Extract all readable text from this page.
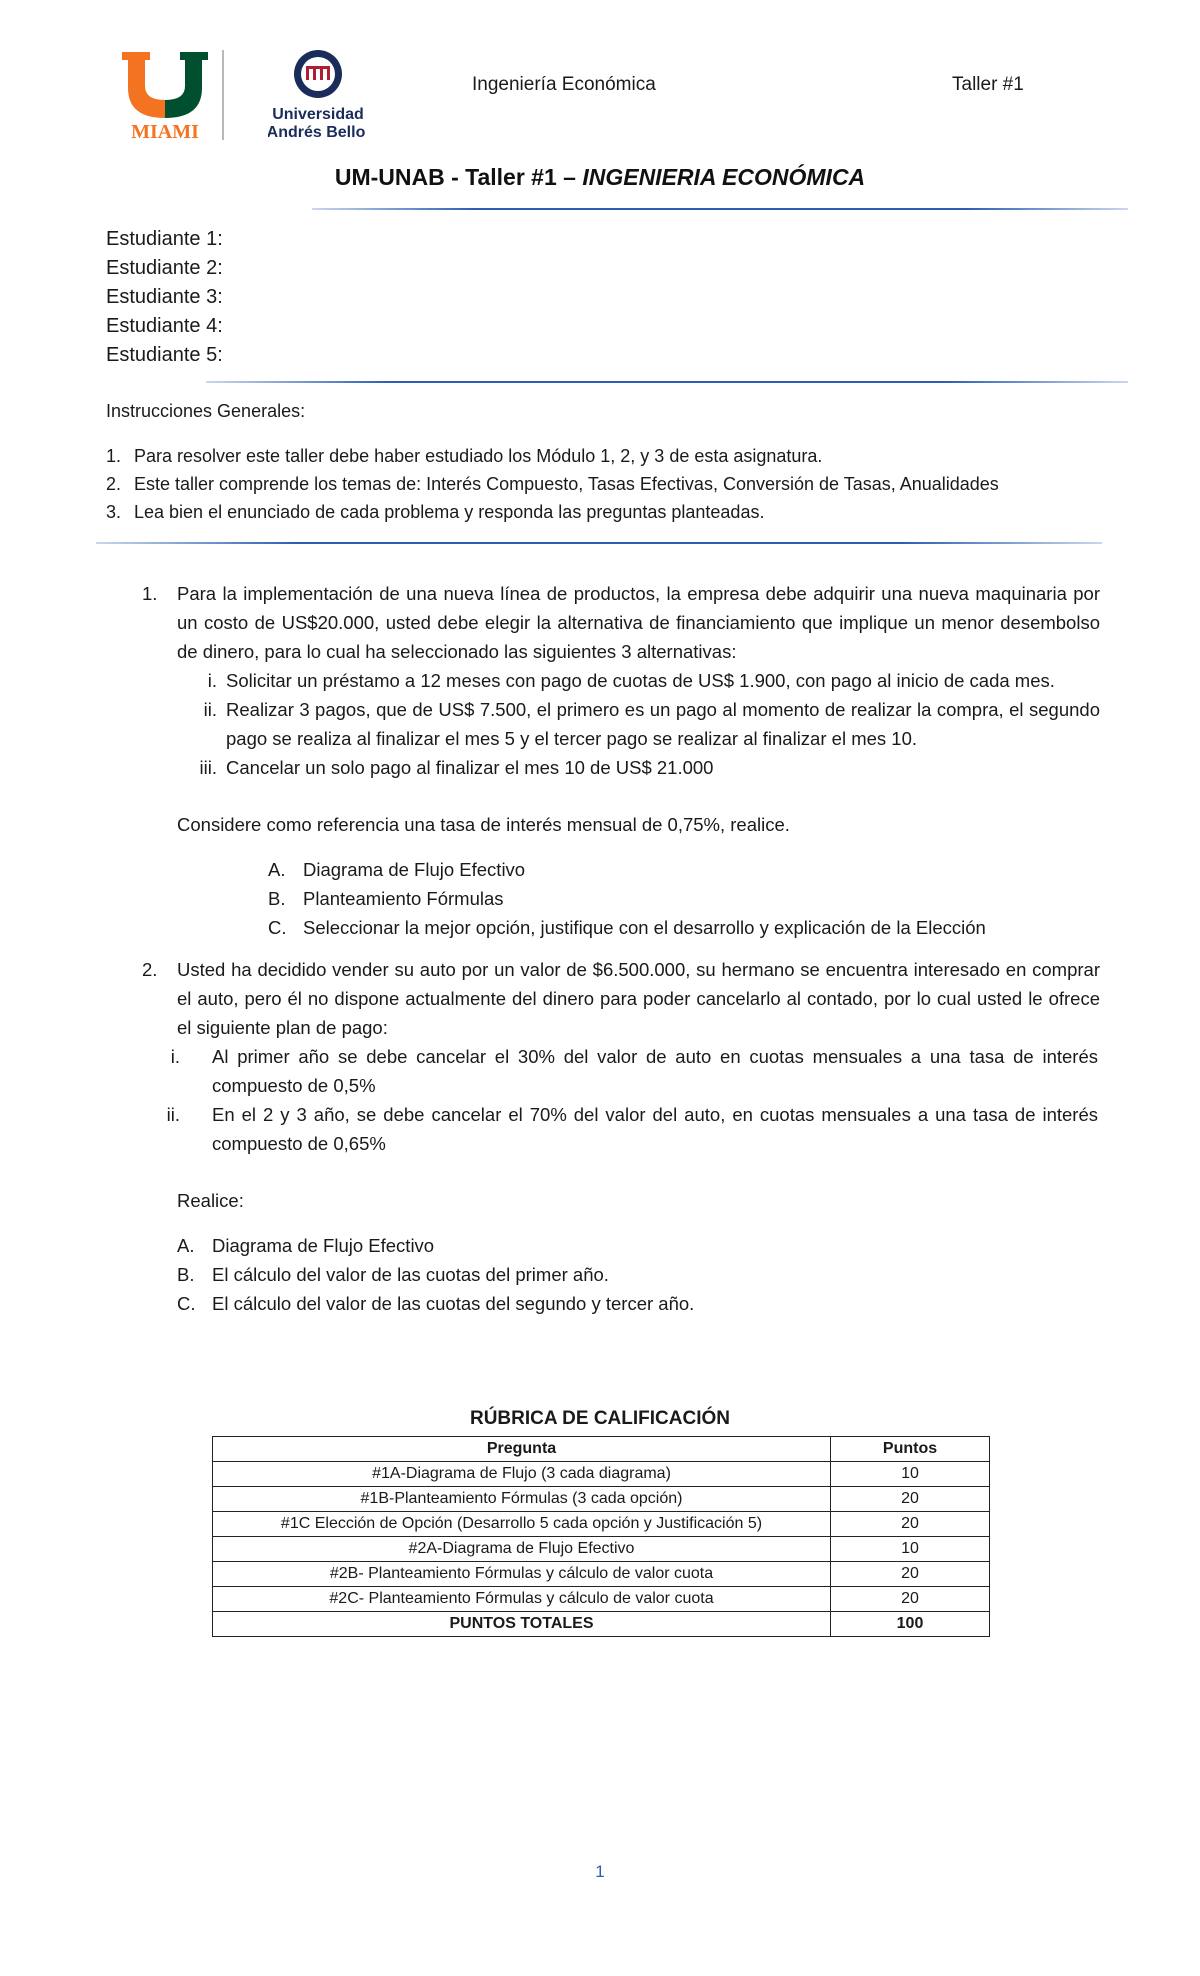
MIAMI
Universidad
Andrés Bello
Ingeniería Económica	Taller #1
UM-UNAB - Taller #1 – INGENIERIA ECONÓMICA
Estudiante 1:
Estudiante 2:
Estudiante 3:
Estudiante 4:
Estudiante 5:
Instrucciones Generales:
1. Para resolver este taller debe haber estudiado los Módulo 1, 2, y 3 de esta asignatura.
2. Este taller comprende los temas de: Interés Compuesto, Tasas Efectivas, Conversión de Tasas, Anualidades
3. Lea bien el enunciado de cada problema y responda las preguntas planteadas.
1.	Para la implementación de una nueva línea de productos, la empresa debe adquirir una nueva maquinaria por un costo de US$20.000, usted debe elegir la alternativa de financiamiento que implique un menor desembolso de dinero, para lo cual ha seleccionado las siguientes 3 alternativas:
i. Solicitar un préstamo a 12 meses con pago de cuotas de US$ 1.900, con pago al inicio de cada mes.
ii. Realizar 3 pagos, que de US$ 7.500, el primero es un pago al momento de realizar la compra, el segundo pago se realiza al finalizar el mes 5 y el tercer pago se realizar al finalizar el mes 10.
iii. Cancelar un solo pago al finalizar el mes 10 de US$ 21.000
Considere como referencia una tasa de interés mensual de 0,75%, realice.
A. Diagrama de Flujo Efectivo
B. Planteamiento Fórmulas
C. Seleccionar la mejor opción, justifique con el desarrollo y explicación de la Elección
2.	Usted ha decidido vender su auto por un valor de $6.500.000, su hermano se encuentra interesado en comprar el auto, pero él no dispone actualmente del dinero para poder cancelarlo al contado, por lo cual usted le ofrece el siguiente plan de pago:
i.	Al primer año se debe cancelar el 30% del valor de auto en cuotas mensuales a una tasa de interés compuesto de 0,5%
ii.	En el 2 y 3 año, se debe cancelar el 70% del valor del auto, en cuotas mensuales a una tasa de interés compuesto de 0,65%
Realice:
A. Diagrama de Flujo Efectivo
B. El cálculo del valor de las cuotas del primer año.
C. El cálculo del valor de las cuotas del segundo y tercer año.
RÚBRICA DE CALIFICACIÓN
Pregunta	Puntos
#1A-Diagrama de Flujo (3 cada diagrama)	10
#1B-Planteamiento Fórmulas (3 cada opción)	20
#1C Elección de Opción (Desarrollo 5 cada opción y Justificación 5)	20
#2A-Diagrama de Flujo Efectivo	10
#2B- Planteamiento Fórmulas y cálculo de valor cuota	20
#2C- Planteamiento Fórmulas y cálculo de valor cuota	20
PUNTOS TOTALES	100
1
